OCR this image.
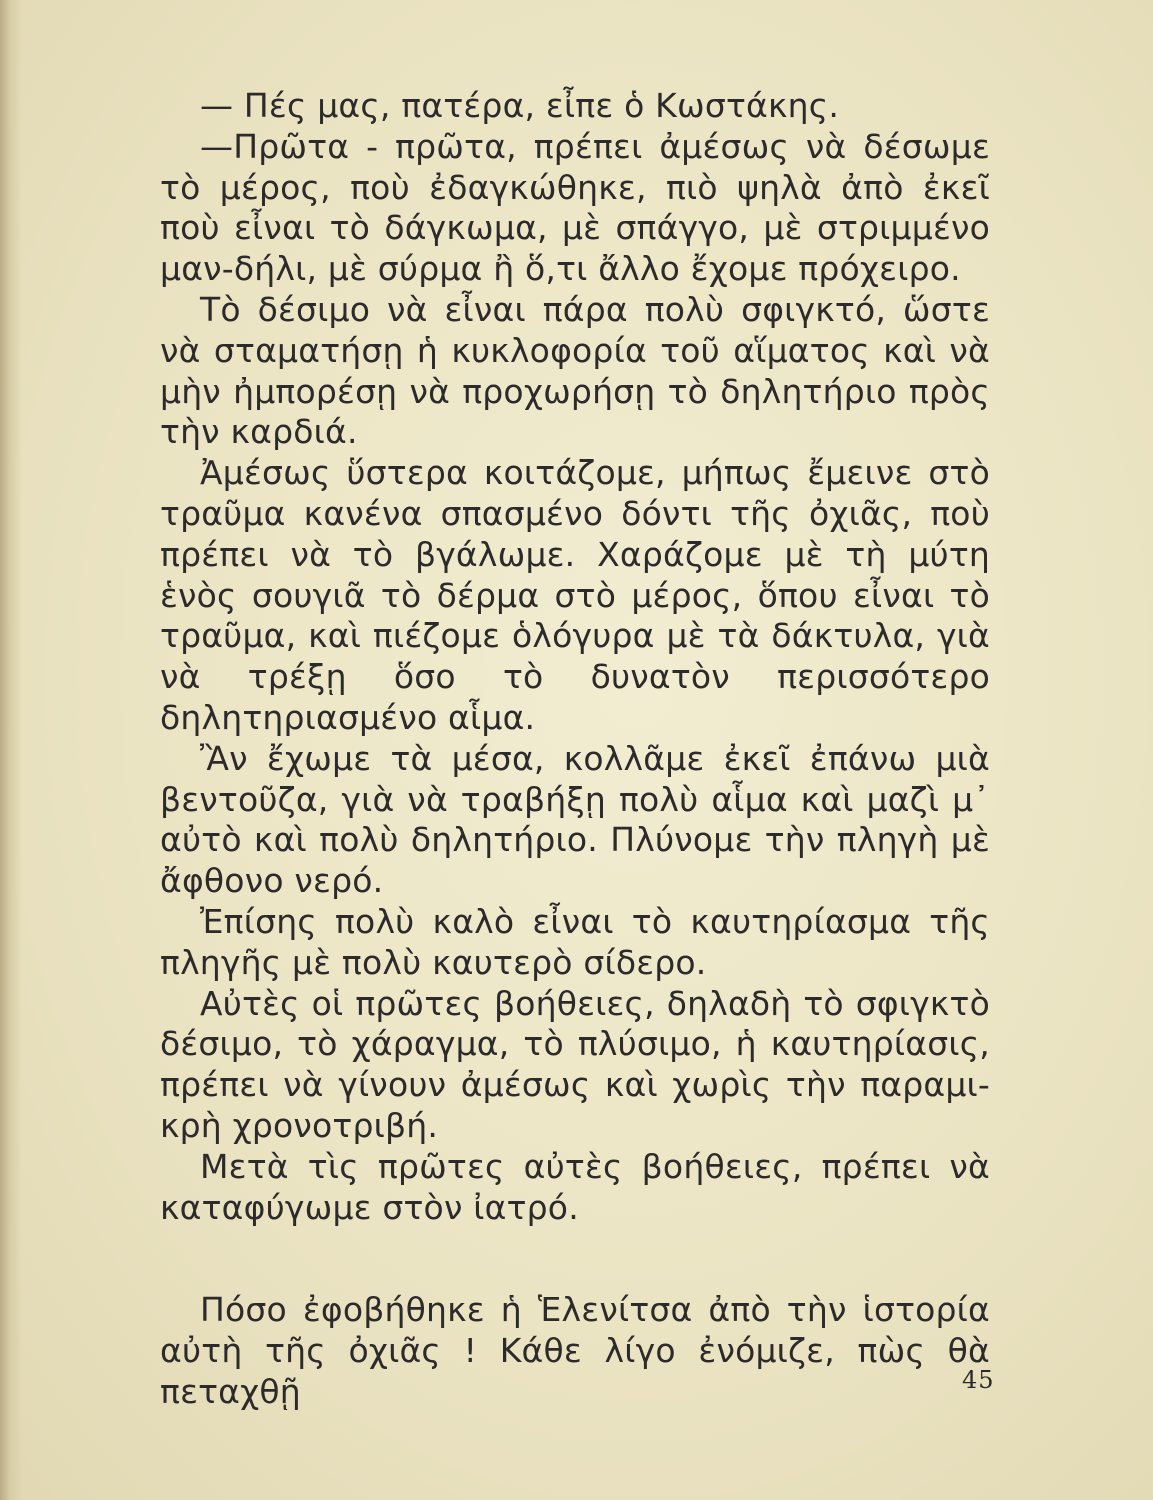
— Πές μας, πατέρα, εἶπε ὁ Κωστάκης.

—Πρῶτα - πρῶτα, πρέπει ἀμέσως νὰ δέσωμε τὸ μέρος, ποὺ ἐδαγκώθηκε, πιὸ ψηλὰ ἀπὸ ἐκεῖ ποὺ εἶναι τὸ δάγκωμα, μὲ σπάγγο, μὲ στριμμένο μαν-δήλι, μὲ σύρμα ἢ ὅ,τι ἄλλο ἔχομε πρόχειρο.

Τὸ δέσιμο νὰ εἶναι πάρα πολὺ σφιγκτό, ὥστε νὰ σταματήσῃ ἡ κυκλοφορία τοῦ αἵματος καὶ νὰ μὴν ἠμπορέσῃ νὰ προχωρήσῃ τὸ δηλητήριο πρὸς τὴν καρδιά.

Ἀμέσως ὕστερα κοιτάζομε, μήπως ἔμεινε στὸ τραῦμα κανένα σπασμένο δόντι τῆς ὀχιᾶς, ποὺ πρέπει νὰ τὸ βγάλωμε. Χαράζομε μὲ τὴ μύτη ἑνὸς σουγιᾶ τὸ δέρμα στὸ μέρος, ὅπου εἶναι τὸ τραῦμα, καὶ πιέζομε ὁλόγυρα μὲ τὰ δάκτυλα, γιὰ νὰ τρέξῃ ὅσο τὸ δυνατὸν περισσότερο δηλητηριασμένο αἷμα.

Ἂν ἔχωμε τὰ μέσα, κολλᾶμε ἐκεῖ ἐπάνω μιὰ βεντοῦζα, γιὰ νὰ τραβήξῃ πολὺ αἷμα καὶ μαζὶ μ᾿ αὐτὸ καὶ πολὺ δηλητήριο. Πλύνομε τὴν πληγὴ μὲ ἄφθονο νερό.

Ἐπίσης πολὺ καλὸ εἶναι τὸ καυτηρίασμα τῆς πληγῆς μὲ πολὺ καυτερὸ σίδερο.

Αὐτὲς οἱ πρῶτες βοήθειες, δηλαδὴ τὸ σφιγκτὸ δέσιμο, τὸ χάραγμα, τὸ πλύσιμο, ἡ καυτηρίασις, πρέπει νὰ γίνουν ἀμέσως καὶ χωρὶς τὴν παραμι-κρὴ χρονοτριβή.

Μετὰ τὶς πρῶτες αὐτὲς βοήθειες, πρέπει νὰ καταφύγωμε στὸν ἰατρό.

Πόσο ἐφοβήθηκε ἡ Ἑλενίτσα ἀπὸ τὴν ἱστορία αὐτὴ τῆς ὀχιᾶς ! Κάθε λίγο ἐνόμιζε, πὼς θὰ πεταχθῇ	45
